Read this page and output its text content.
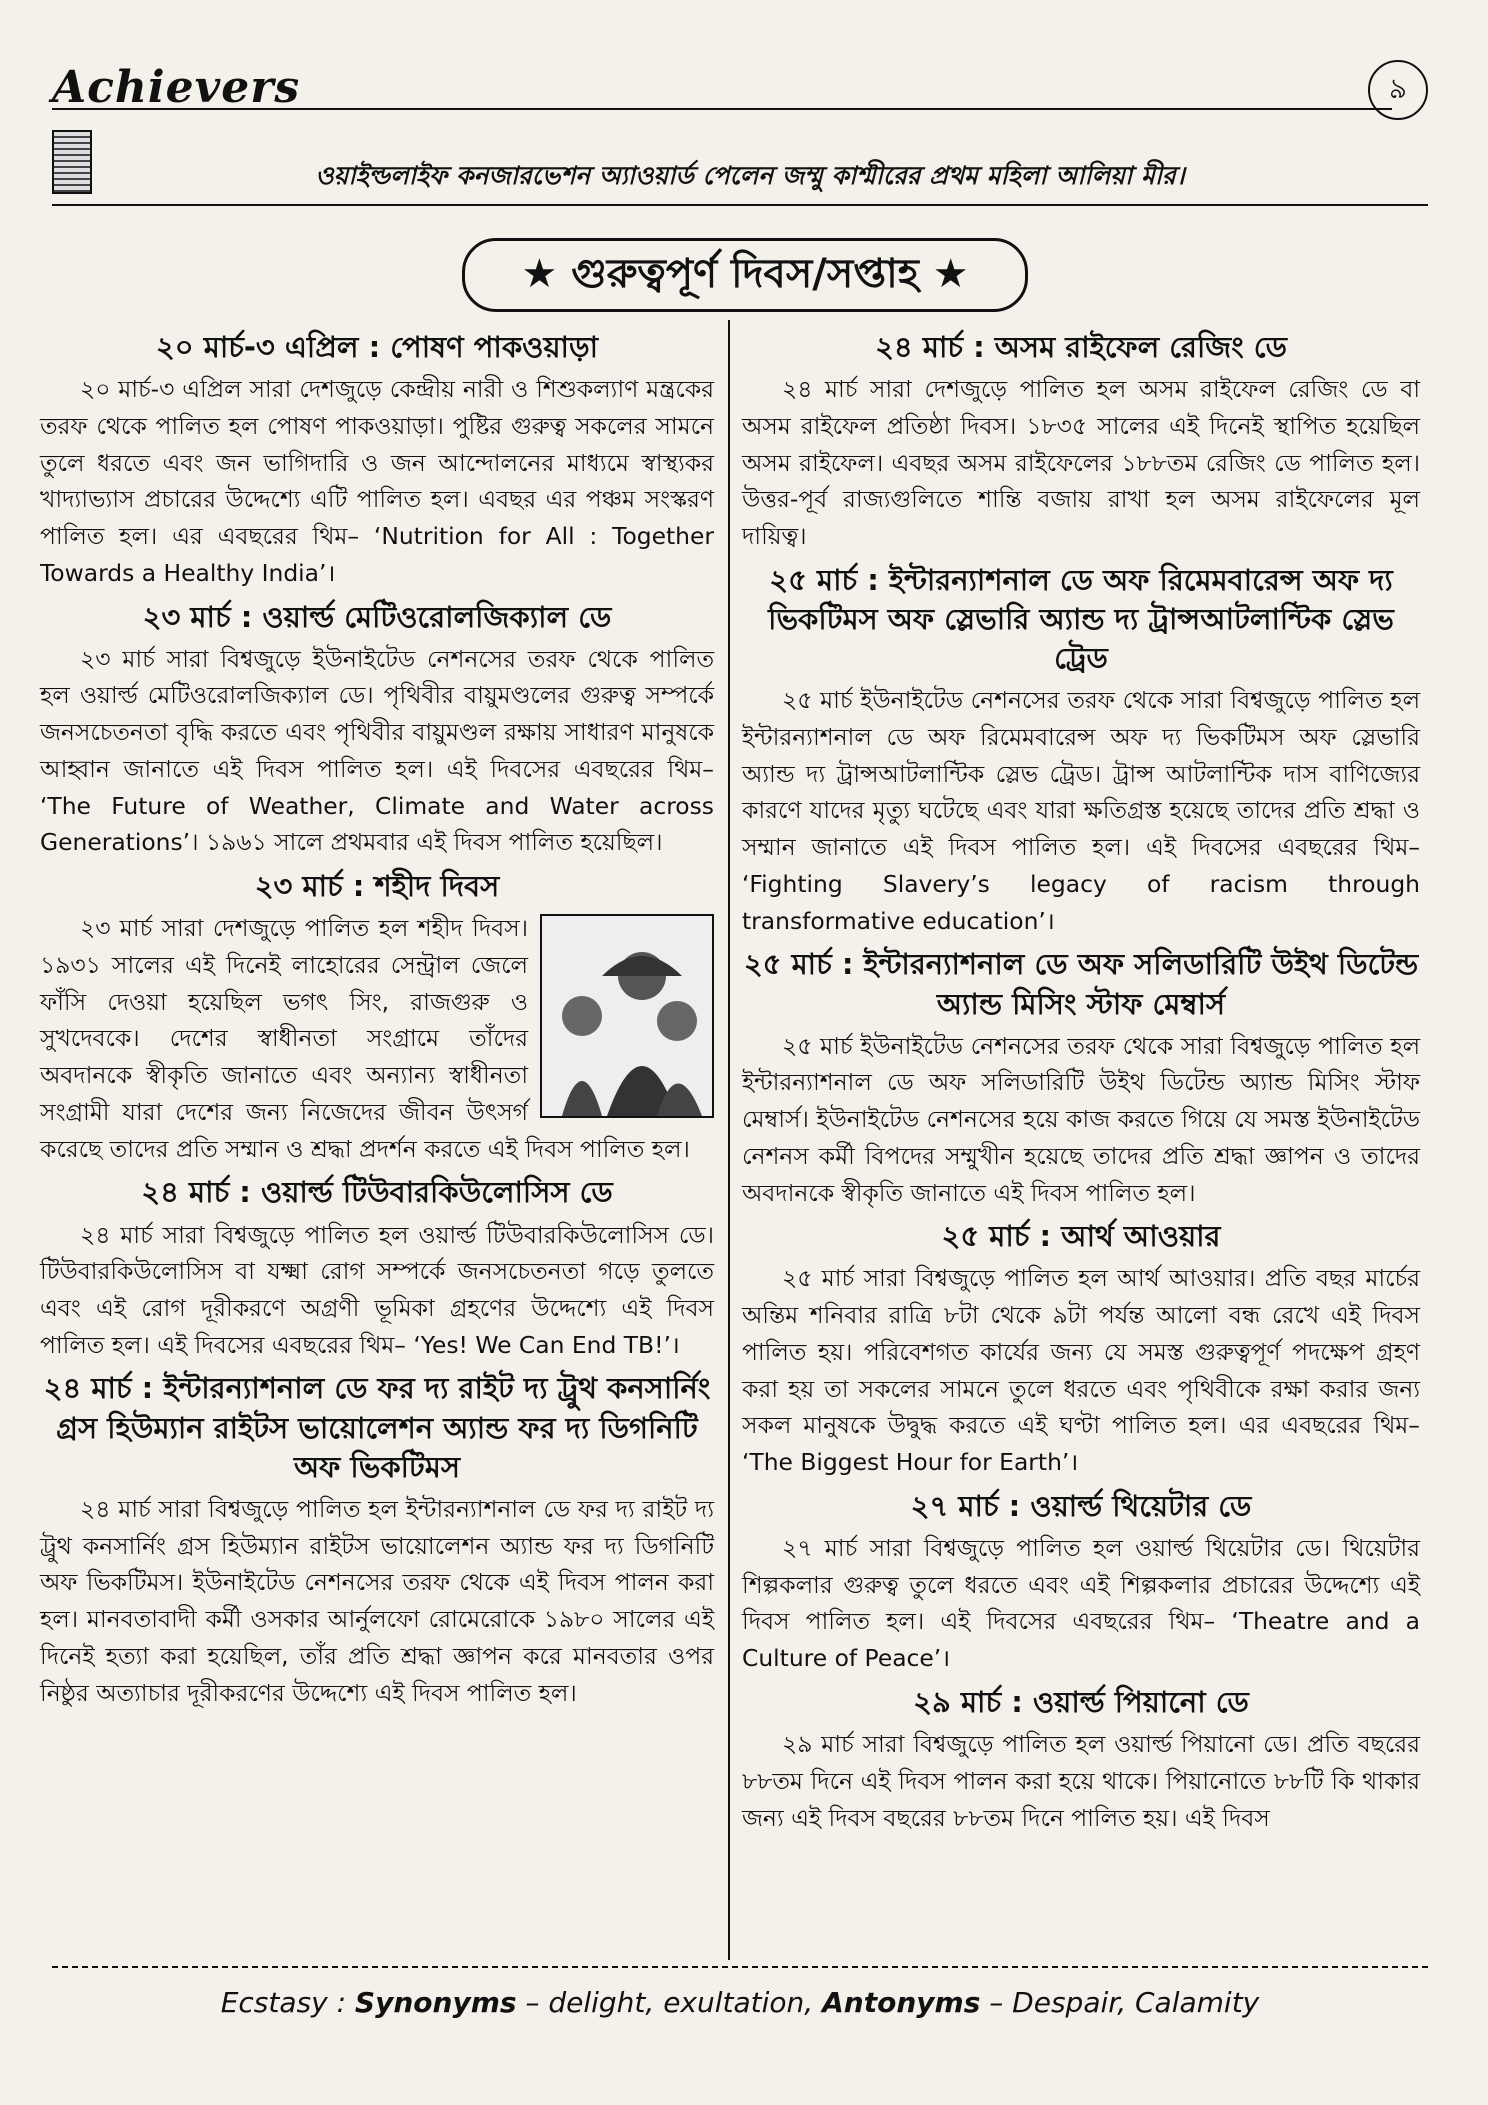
Achievers	৯
ওয়াইল্ডলাইফ কনজারভেশন অ্যাওয়ার্ড পেলেন জম্মু কাশ্মীরের প্রথম মহিলা আলিয়া মীর।
★ গুরুত্বপূর্ণ দিবস/সপ্তাহ ★
২০ মার্চ-৩ এপ্রিল : পোষণ পাকওয়াড়া

২০ মার্চ-৩ এপ্রিল সারা দেশজুড়ে কেন্দ্রীয় নারী ও শিশুকল্যাণ মন্ত্রকের তরফ থেকে পালিত হল পোষণ পাকওয়াড়া। পুষ্টির গুরুত্ব সকলের সামনে তুলে ধরতে এবং জন ভাগিদারি ও জন আন্দোলনের মাধ্যমে স্বাস্থ্যকর খাদ্যাভ্যাস প্রচারের উদ্দেশ্যে এটি পালিত হল। এবছর এর পঞ্চম সংস্করণ পালিত হল। এর এবছরের থিম– ‘Nutrition for All : Together Towards a Healthy India’।

২৩ মার্চ : ওয়ার্ল্ড মেটিওরোলজিক্যাল ডে

২৩ মার্চ সারা বিশ্বজুড়ে ইউনাইটেড নেশনসের তরফ থেকে পালিত হল ওয়ার্ল্ড মেটিওরোলজিক্যাল ডে। পৃথিবীর বায়ুমণ্ডলের গুরুত্ব সম্পর্কে জনসচেতনতা বৃদ্ধি করতে এবং পৃথিবীর বায়ুমণ্ডল রক্ষায় সাধারণ মানুষকে আহ্বান জানাতে এই দিবস পালিত হল। এই দিবসের এবছরের থিম– ‘The Future of Weather, Climate and Water across Generations’। ১৯৬১ সালে প্রথমবার এই দিবস পালিত হয়েছিল।

২৩ মার্চ : শহীদ দিবস

২৩ মার্চ সারা দেশজুড়ে পালিত হল শহীদ দিবস। ১৯৩১ সালের এই দিনেই লাহোরের সেন্ট্রাল জেলে ফাঁসি দেওয়া হয়েছিল ভগৎ সিং, রাজগুরু ও সুখদেবকে। দেশের স্বাধীনতা সংগ্রামে তাঁদের অবদানকে স্বীকৃতি জানাতে এবং অন্যান্য স্বাধীনতা সংগ্রামী যারা দেশের জন্য নিজেদের জীবন উৎসর্গ করেছে তাদের প্রতি সম্মান ও শ্রদ্ধা প্রদর্শন করতে এই দিবস পালিত হল।

২৪ মার্চ : ওয়ার্ল্ড টিউবারকিউলোসিস ডে

২৪ মার্চ সারা বিশ্বজুড়ে পালিত হল ওয়ার্ল্ড টিউবারকিউলোসিস ডে। টিউবারকিউলোসিস বা যক্ষ্মা রোগ সম্পর্কে জনসচেতনতা গড়ে তুলতে এবং এই রোগ দূরীকরণে অগ্রণী ভূমিকা গ্রহণের উদ্দেশ্যে এই দিবস পালিত হল। এই দিবসের এবছরের থিম– ‘Yes! We Can End TB!’।

২৪ মার্চ : ইন্টারন্যাশনাল ডে ফর দ্য রাইট দ্য ট্রুথ কনসার্নিং গ্রস হিউম্যান রাইটস ভায়োলেশন অ্যান্ড ফর দ্য ডিগনিটি অফ ভিকটিমস

২৪ মার্চ সারা বিশ্বজুড়ে পালিত হল ইন্টারন্যাশনাল ডে ফর দ্য রাইট দ্য ট্রুথ কনসার্নিং গ্রস হিউম্যান রাইটস ভায়োলেশন অ্যান্ড ফর দ্য ডিগনিটি অফ ভিকটিমস। ইউনাইটেড নেশনসের তরফ থেকে এই দিবস পালন করা হল। মানবতাবাদী কর্মী ওসকার আর্নুলফো রোমেরোকে ১৯৮০ সালের এই দিনেই হত্যা করা হয়েছিল, তাঁর প্রতি শ্রদ্ধা জ্ঞাপন করে মানবতার ওপর নিষ্ঠুর অত্যাচার দূরীকরণের উদ্দেশ্যে এই দিবস পালিত হল।

২৪ মার্চ : অসম রাইফেল রেজিং ডে

২৪ মার্চ সারা দেশজুড়ে পালিত হল অসম রাইফেল রেজিং ডে বা অসম রাইফেল প্রতিষ্ঠা দিবস। ১৮৩৫ সালের এই দিনেই স্থাপিত হয়েছিল অসম রাইফেল। এবছর অসম রাইফেলের ১৮৮তম রেজিং ডে পালিত হল। উত্তর-পূর্ব রাজ্যগুলিতে শান্তি বজায় রাখা হল অসম রাইফেলের মূল দায়িত্ব।

২৫ মার্চ : ইন্টারন্যাশনাল ডে অফ রিমেমবারেন্স অফ দ্য ভিকটিমস অফ স্লেভারি অ্যান্ড দ্য ট্রান্সআটলান্টিক স্লেভ ট্রেড

২৫ মার্চ ইউনাইটেড নেশনসের তরফ থেকে সারা বিশ্বজুড়ে পালিত হল ইন্টারন্যাশনাল ডে অফ রিমেমবারেন্স অফ দ্য ভিকটিমস অফ স্লেভারি অ্যান্ড দ্য ট্রান্সআটলান্টিক স্লেভ ট্রেড। ট্রান্স আটলান্টিক দাস বাণিজ্যের কারণে যাদের মৃত্যু ঘটেছে এবং যারা ক্ষতিগ্রস্ত হয়েছে তাদের প্রতি শ্রদ্ধা ও সম্মান জানাতে এই দিবস পালিত হল। এই দিবসের এবছরের থিম– ‘Fighting Slavery’s legacy of racism through transformative education’।

২৫ মার্চ : ইন্টারন্যাশনাল ডে অফ সলিডারিটি উইথ ডিটেন্ড অ্যান্ড মিসিং স্টাফ মেম্বার্স

২৫ মার্চ ইউনাইটেড নেশনসের তরফ থেকে সারা বিশ্বজুড়ে পালিত হল ইন্টারন্যাশনাল ডে অফ সলিডারিটি উইথ ডিটেন্ড অ্যান্ড মিসিং স্টাফ মেম্বার্স। ইউনাইটেড নেশনসের হয়ে কাজ করতে গিয়ে যে সমস্ত ইউনাইটেড নেশনস কর্মী বিপদের সম্মুখীন হয়েছে তাদের প্রতি শ্রদ্ধা জ্ঞাপন ও তাদের অবদানকে স্বীকৃতি জানাতে এই দিবস পালিত হল।

২৫ মার্চ : আর্থ আওয়ার

২৫ মার্চ সারা বিশ্বজুড়ে পালিত হল আর্থ আওয়ার। প্রতি বছর মার্চের অন্তিম শনিবার রাত্রি ৮টা থেকে ৯টা পর্যন্ত আলো বন্ধ রেখে এই দিবস পালিত হয়। পরিবেশগত কার্যের জন্য যে সমস্ত গুরুত্বপূর্ণ পদক্ষেপ গ্রহণ করা হয় তা সকলের সামনে তুলে ধরতে এবং পৃথিবীকে রক্ষা করার জন্য সকল মানুষকে উদ্বুদ্ধ করতে এই ঘণ্টা পালিত হল। এর এবছরের থিম– ‘The Biggest Hour for Earth’।

২৭ মার্চ : ওয়ার্ল্ড থিয়েটার ডে

২৭ মার্চ সারা বিশ্বজুড়ে পালিত হল ওয়ার্ল্ড থিয়েটার ডে। থিয়েটার শিল্পকলার গুরুত্ব তুলে ধরতে এবং এই শিল্পকলার প্রচারের উদ্দেশ্যে এই দিবস পালিত হল। এই দিবসের এবছরের থিম– ‘Theatre and a Culture of Peace’।

২৯ মার্চ : ওয়ার্ল্ড পিয়ানো ডে

২৯ মার্চ সারা বিশ্বজুড়ে পালিত হল ওয়ার্ল্ড পিয়ানো ডে। প্রতি বছরের ৮৮তম দিনে এই দিবস পালন করা হয়ে থাকে। পিয়ানোতে ৮৮টি কি থাকার জন্য এই দিবস বছরের ৮৮তম দিনে পালিত হয়। এই দিবস

Ecstasy : Synonyms – delight, exultation, Antonyms – Despair, Calamity
